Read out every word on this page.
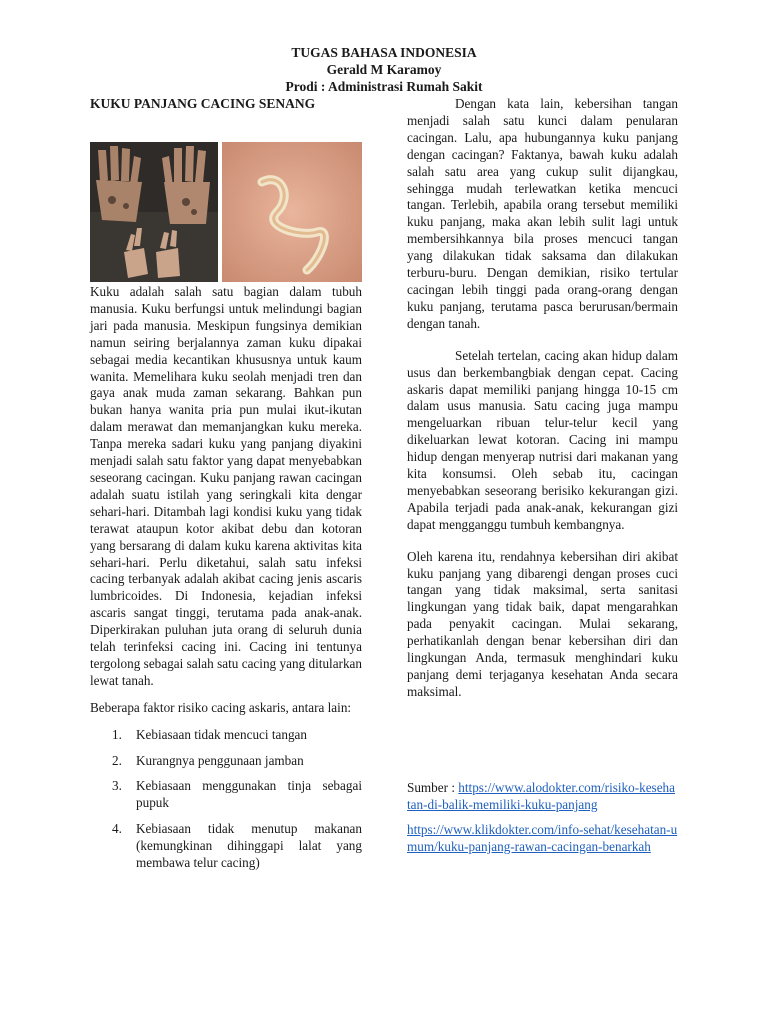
TUGAS BAHASA INDONESIA
Gerald M Karamoy
Prodi : Administrasi Rumah Sakit
KUKU PANJANG CACING SENANG

Kuku adalah salah satu bagian dalam tubuh manusia. Kuku berfungsi untuk melindungi bagian jari pada manusia. Meskipun fungsinya demikian namun seiring berjalannya zaman kuku dipakai sebagai media kecantikan khususnya untuk kaum wanita. Memelihara kuku seolah menjadi tren dan gaya anak muda zaman sekarang. Bahkan pun bukan hanya wanita pria pun mulai ikut-ikutan dalam merawat dan memanjangkan kuku mereka. Tanpa mereka sadari kuku yang panjang diyakini menjadi salah satu faktor yang dapat menyebabkan seseorang cacingan. Kuku panjang rawan cacingan adalah suatu istilah yang seringkali kita dengar sehari-hari. Ditambah lagi kondisi kuku yang tidak terawat ataupun kotor akibat debu dan kotoran yang bersarang di dalam kuku karena aktivitas kita sehari-hari. Perlu diketahui, salah satu infeksi cacing terbanyak adalah akibat cacing jenis ascaris lumbricoides. Di Indonesia, kejadian infeksi ascaris sangat tinggi, terutama pada anak-anak. Diperkirakan puluhan juta orang di seluruh dunia telah terinfeksi cacing ini. Cacing ini tentunya tergolong sebagai salah satu cacing yang ditularkan lewat tanah.

Beberapa faktor risiko cacing askaris, antara lain:

1.	Kebiasaan tidak mencuci tangan
2.	Kurangnya penggunaan jamban
3.	Kebiasaan menggunakan tinja sebagai pupuk
4.	Kebiasaan tidak menutup makanan (kemungkinan dihinggapi lalat yang membawa telur cacing)

Dengan kata lain, kebersihan tangan menjadi salah satu kunci dalam penularan cacingan. Lalu, apa hubungannya kuku panjang dengan cacingan? Faktanya, bawah kuku adalah salah satu area yang cukup sulit dijangkau, sehingga mudah terlewatkan ketika mencuci tangan. Terlebih, apabila orang tersebut memiliki kuku panjang, maka akan lebih sulit lagi untuk membersihkannya bila proses mencuci tangan yang dilakukan tidak saksama dan dilakukan terburu-buru. Dengan demikian, risiko tertular cacingan lebih tinggi pada orang-orang dengan kuku panjang, terutama pasca berurusan/bermain dengan tanah.

Setelah tertelan, cacing akan hidup dalam usus dan berkembangbiak dengan cepat. Cacing askaris dapat memiliki panjang hingga 10-15 cm dalam usus manusia. Satu cacing juga mampu mengeluarkan ribuan telur-telur kecil yang dikeluarkan lewat kotoran. Cacing ini mampu hidup dengan menyerap nutrisi dari makanan yang kita konsumsi. Oleh sebab itu, cacingan menyebabkan seseorang berisiko kekurangan gizi. Apabila terjadi pada anak-anak, kekurangan gizi dapat mengganggu tumbuh kembangnya.

Oleh karena itu, rendahnya kebersihan diri akibat kuku panjang yang dibarengi dengan proses cuci tangan yang tidak maksimal, serta sanitasi lingkungan yang tidak baik, dapat mengarahkan pada penyakit cacingan. Mulai sekarang, perhatikanlah dengan benar kebersihan diri dan lingkungan Anda, termasuk menghindari kuku panjang demi terjaganya kesehatan Anda secara maksimal.

Sumber : https://www.alodokter.com/risiko-kesehatan-di-balik-memiliki-kuku-panjang
https://www.klikdokter.com/info-sehat/kesehatan-umum/kuku-panjang-rawan-cacingan-benarkah
